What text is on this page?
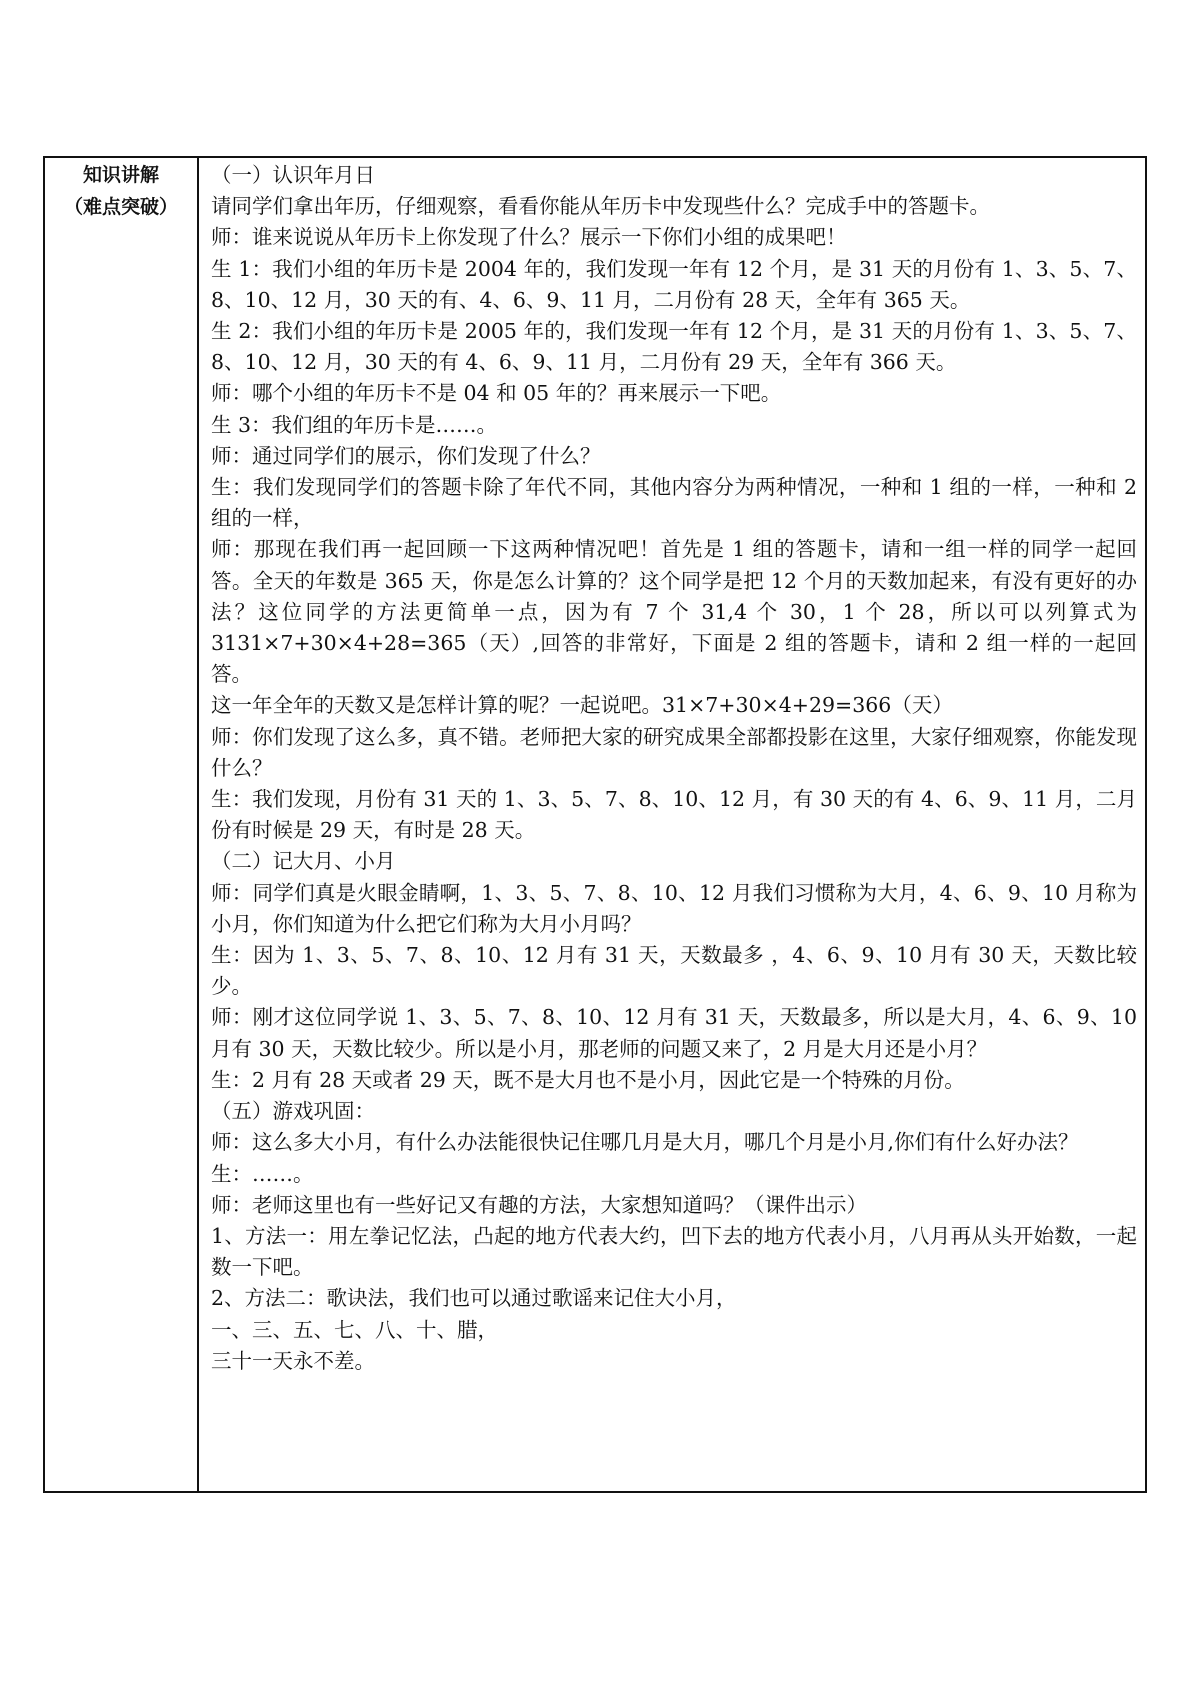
知识讲解
（难点突破）

（一）认识年月日

请同学们拿出年历，仔细观察，看看你能从年历卡中发现些什么？完成手中的答题卡。

师：谁来说说从年历卡上你发现了什么？展示一下你们小组的成果吧！

生 1：我们小组的年历卡是 2004 年的，我们发现一年有 12 个月，是 31 天的月份有 1、3、5、7、8、10、12 月，30 天的有、4、6、9、11 月，二月份有 28 天，全年有 365 天。

生 2：我们小组的年历卡是 2005 年的，我们发现一年有 12 个月，是 31 天的月份有 1、3、5、7、8、10、12 月，30 天的有 4、6、9、11 月，二月份有 29 天，全年有 366 天。

师：哪个小组的年历卡不是 04 和 05 年的？再来展示一下吧。

生 3：我们组的年历卡是……。

师：通过同学们的展示，你们发现了什么？

生：我们发现同学们的答题卡除了年代不同，其他内容分为两种情况，一种和 1 组的一样，一种和 2 组的一样，

师：那现在我们再一起回顾一下这两种情况吧！首先是 1 组的答题卡，请和一组一样的同学一起回答。全天的年数是 365 天，你是怎么计算的？这个同学是把 12 个月的天数加起来，有没有更好的办法？这位同学的方法更简单一点，因为有 7 个 31,4 个 30，1 个 28，所以可以列算式为 3131×7+30×4+28=365（天）,回答的非常好，下面是 2 组的答题卡，请和 2 组一样的一起回答。

这一年全年的天数又是怎样计算的呢？一起说吧。31×7+30×4+29=366（天）

师：你们发现了这么多，真不错。老师把大家的研究成果全部都投影在这里，大家仔细观察，你能发现什么？

生：我们发现，月份有 31 天的 1、3、5、7、8、10、12 月，有 30 天的有 4、6、9、11 月，二月份有时候是 29 天，有时是 28 天。

（二）记大月、小月

师：同学们真是火眼金睛啊，1、3、5、7、8、10、12 月我们习惯称为大月，4、6、9、10 月称为小月，你们知道为什么把它们称为大月小月吗？

生：因为 1、3、5、7、8、10、12 月有 31 天，天数最多 ，4、6、9、10 月有 30 天，天数比较少。

师：刚才这位同学说 1、3、5、7、8、10、12 月有 31 天，天数最多，所以是大月，4、6、9、10 月有 30 天，天数比较少。所以是小月，那老师的问题又来了，2 月是大月还是小月？

生：2 月有 28 天或者 29 天，既不是大月也不是小月，因此它是一个特殊的月份。

（五）游戏巩固：

师：这么多大小月，有什么办法能很快记住哪几月是大月，哪几个月是小月,你们有什么好办法？

生：……。

师：老师这里也有一些好记又有趣的方法，大家想知道吗？（课件出示）

1、方法一：用左拳记忆法，凸起的地方代表大约，凹下去的地方代表小月，八月再从头开始数，一起数一下吧。

2、方法二：歌诀法，我们也可以通过歌谣来记住大小月，

一、三、五、七、八、十、腊，

三十一天永不差。
